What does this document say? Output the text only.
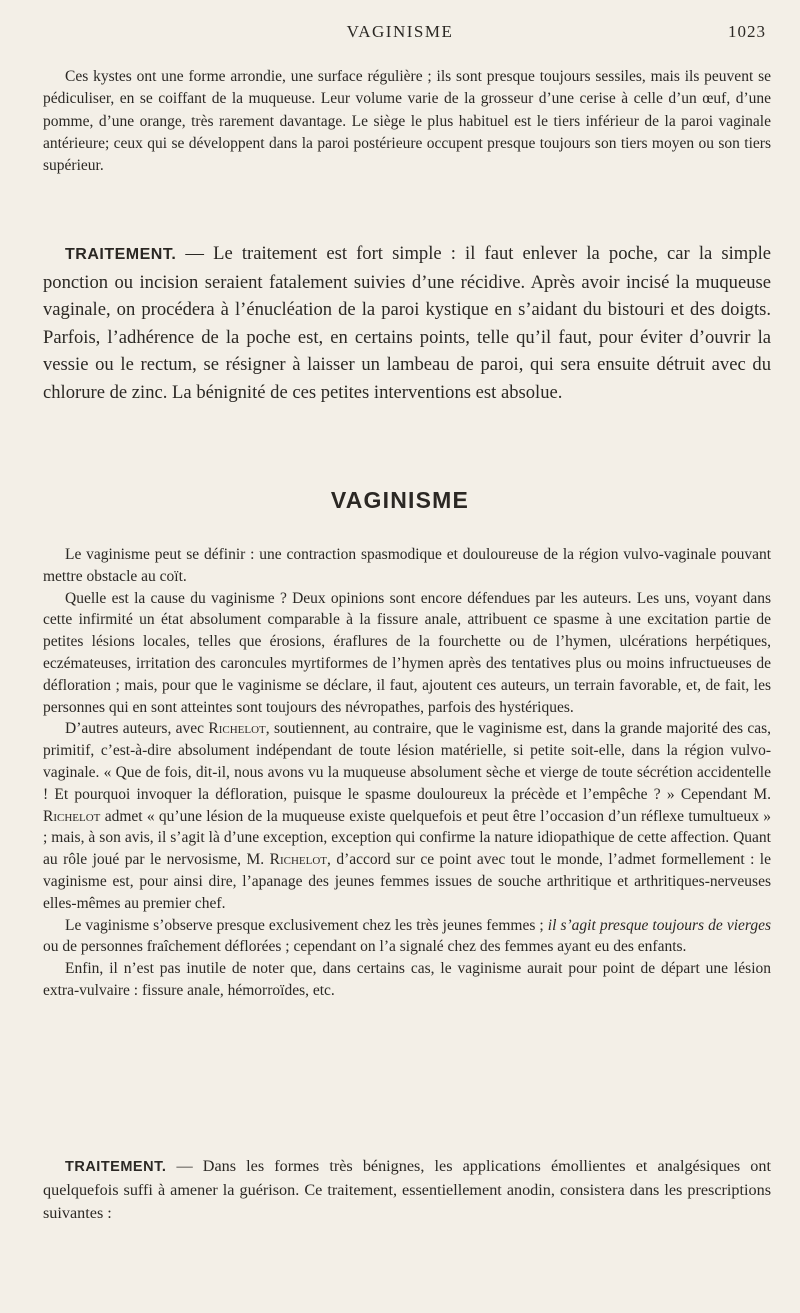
VAGINISME	1023

Ces kystes ont une forme arrondie, une surface régulière ; ils sont presque toujours sessiles, mais ils peuvent se pédiculiser, en se coiffant de la muqueuse. Leur volume varie de la grosseur d’une cerise à celle d’un œuf, d’une pomme, d’une orange, très rarement davantage. Le siège le plus habituel est le tiers inférieur de la paroi vaginale antérieure; ceux qui se développent dans la paroi postérieure occupent presque toujours son tiers moyen ou son tiers supérieur.

TRAITEMENT. — Le traitement est fort simple : il faut enlever la poche, car la simple ponction ou incision seraient fatalement suivies d’une récidive. Après avoir incisé la muqueuse vaginale, on procédera à l’énucléation de la paroi kystique en s’aidant du bistouri et des doigts. Parfois, l’adhérence de la poche est, en certains points, telle qu’il faut, pour éviter d’ouvrir la vessie ou le rectum, se résigner à laisser un lambeau de paroi, qui sera ensuite détruit avec du chlorure de zinc. La bénignité de ces petites interventions est absolue.

VAGINISME

Le vaginisme peut se définir : une contraction spasmodique et douloureuse de la région vulvo-vaginale pouvant mettre obstacle au coït.

Quelle est la cause du vaginisme ? Deux opinions sont encore défendues par les auteurs. Les uns, voyant dans cette infirmité un état absolument comparable à la fissure anale, attribuent ce spasme à une excitation partie de petites lésions locales, telles que érosions, éraflures de la fourchette ou de l’hymen, ulcérations herpétiques, eczémateuses, irritation des caroncules myrtiformes de l’hymen après des tentatives plus ou moins infructueuses de défloration ; mais, pour que le vaginisme se déclare, il faut, ajoutent ces auteurs, un terrain favorable, et, de fait, les personnes qui en sont atteintes sont toujours des névropathes, parfois des hystériques.

D’autres auteurs, avec Richelot, soutiennent, au contraire, que le vaginisme est, dans la grande majorité des cas, primitif, c’est-à-dire absolument indépendant de toute lésion matérielle, si petite soit-elle, dans la région vulvo-vaginale. « Que de fois, dit-il, nous avons vu la muqueuse absolument sèche et vierge de toute sécrétion accidentelle ! Et pourquoi invoquer la défloration, puisque le spasme douloureux la précède et l’empêche ? » Cependant M. Richelot admet « qu’une lésion de la muqueuse existe quelquefois et peut être l’occasion d’un réflexe tumultueux » ; mais, à son avis, il s’agit là d’une exception, exception qui confirme la nature idiopathique de cette affection. Quant au rôle joué par le nervosisme, M. Richelot, d’accord sur ce point avec tout le monde, l’admet formellement : le vaginisme est, pour ainsi dire, l’apanage des jeunes femmes issues de souche arthritique et arthritiques-nerveuses elles-mêmes au premier chef.

Le vaginisme s’observe presque exclusivement chez les très jeunes femmes ; il s’agit presque toujours de vierges ou de personnes fraîchement déflorées ; cependant on l’a signalé chez des femmes ayant eu des enfants.

Enfin, il n’est pas inutile de noter que, dans certains cas, le vaginisme aurait pour point de départ une lésion extra-vulvaire : fissure anale, hémorroïdes, etc.

TRAITEMENT. — Dans les formes très bénignes, les applications émollientes et analgésiques ont quelquefois suffi à amener la guérison. Ce traitement, essentiellement anodin, consistera dans les prescriptions suivantes :
